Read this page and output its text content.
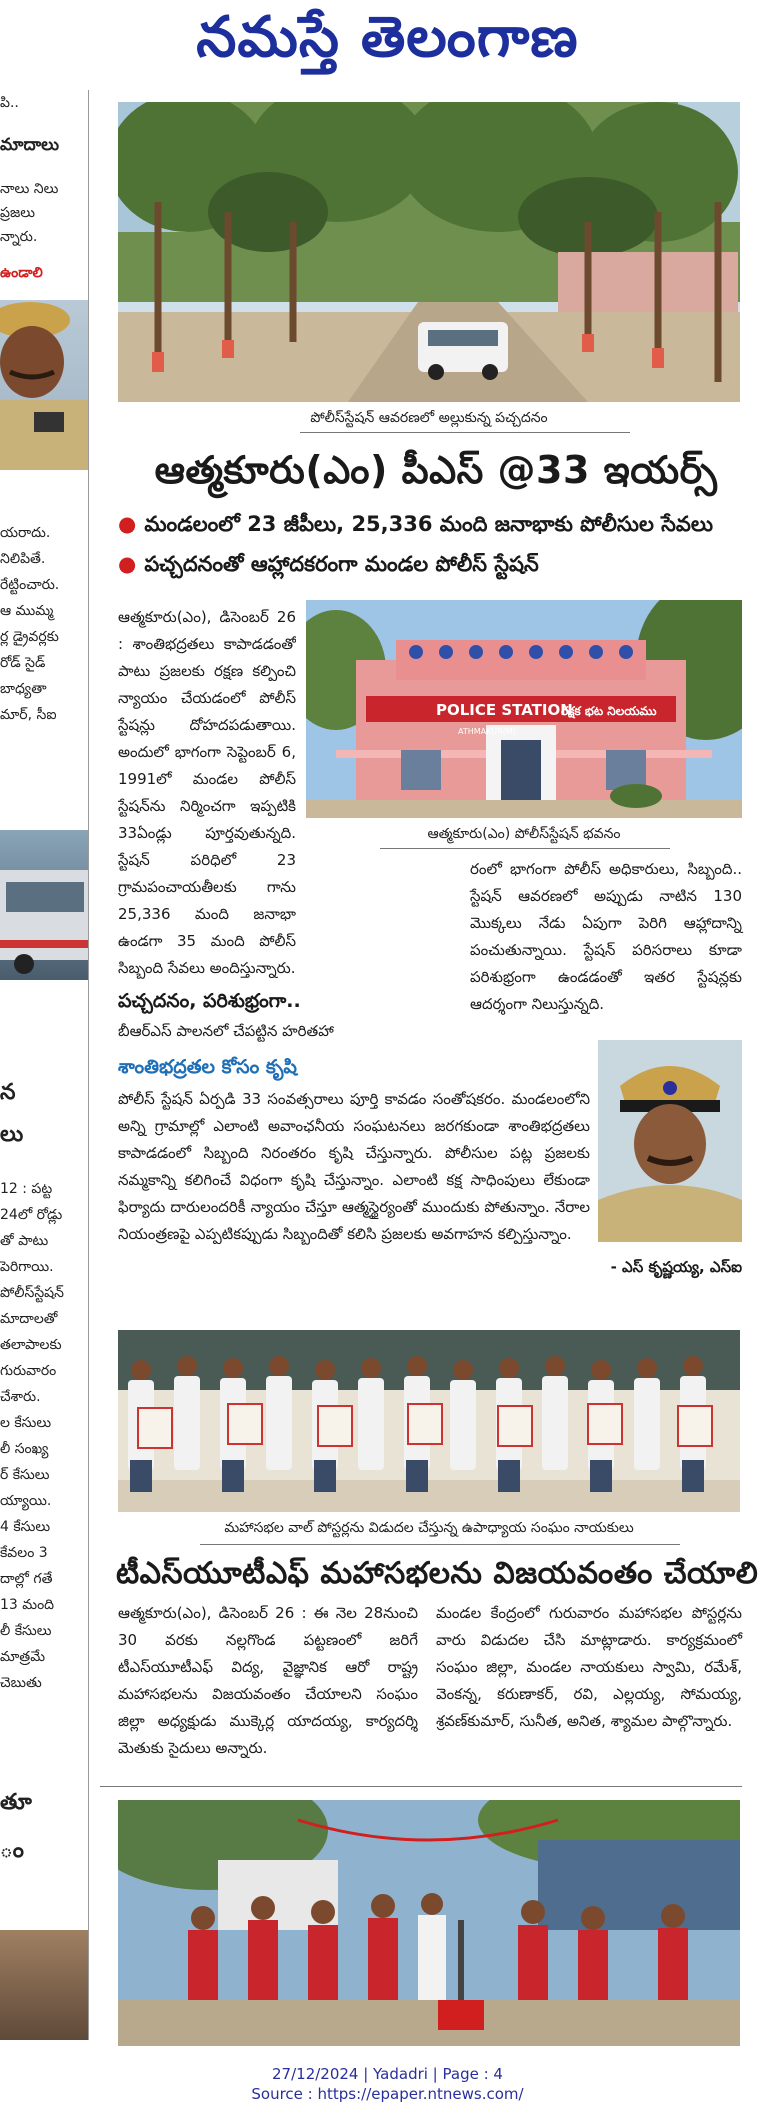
నమస్తే తెలంగాణ
పి..
మాదాలు
నాలు నిలు
ప్రజలు
న్నారు.
ఉండాలి
యరాదు.
నిలిపితే.
రేట్టించారు.
ఆ ముమ్మ
ర్ల డ్రైవర్లకు
రోడ్ సైడ్
బాధ్యతా
మార్, సీఐ
న
లు
12 : పట్ట
24లో రోడ్లు
తో పాటు
పెరిగాయి.
పోలీస్‌స్టేషన్
మాదాలతో
తలాపాలకు
గురువారం
చేశారు.
ల కేసులు
లీ సంఖ్య
ర్ కేసులు
య్యాయి.
4 కేసులు
కేవలం 3
దాల్లో గతే
13 మంది
లీ కేసులు
మాత్రమే
చెబుతు
తూ
ం
పోలీస్‌స్టేషన్ ఆవరణలో అల్లుకున్న పచ్చదనం
ఆత్మకూరు(ఎం) పీఎస్ @33 ఇయర్స్
● మండలంలో 23 జీపీలు, 25,336 మంది జనాభాకు పోలీసుల సేవలు
● పచ్చదనంతో ఆహ్లాదకరంగా మండల పోలీస్ స్టేషన్
POLICE STATION
ATHMAKUR(M)
రక్షక భట నిలయము
ఆత్మకూరు(ఎం) పోలీస్‌స్టేషన్ భవనం
ఆత్మకూరు(ఎం), డిసెంబర్ 26 : శాంతిభద్రతలు కాపాడడంతో పాటు ప్రజలకు రక్షణ కల్పించి న్యాయం చేయడంలో పోలీస్ స్టేషన్లు దోహదపడుతాయి. అందులో భాగంగా సెప్టెంబర్ 6, 1991లో మండల పోలీస్ స్టేషన్‌ను నిర్మించగా ఇప్పటికి 33ఏండ్లు పూర్తవుతున్నది. స్టేషన్ పరిధిలో 23 గ్రామపంచాయతీలకు గాను 25,336 మంది జనాభా ఉండగా 35 మంది పోలీస్ సిబ్బంది సేవలు అందిస్తున్నారు.
పచ్చదనం, పరిశుభ్రంగా..
బీఆర్ఎస్ పాలనలో చేపట్టిన హరితహా
రంలో భాగంగా పోలీస్ అధికారులు, సిబ్బంది.. స్టేషన్ ఆవరణలో అప్పుడు నాటిన 130 మొక్కలు నేడు ఏపుగా పెరిగి ఆహ్లాదాన్ని పంచుతున్నాయి. స్టేషన్ పరిసరాలు కూడా పరిశుభ్రంగా ఉండడంతో ఇతర స్టేషన్లకు ఆదర్శంగా నిలుస్తున్నది.
శాంతిభద్రతల కోసం కృషి
పోలీస్ స్టేషన్ ఏర్పడి 33 సంవత్సరాలు పూర్తి కావడం సంతోషకరం. మండలంలోని అన్ని గ్రామాల్లో ఎలాంటి అవాంఛనీయ సంఘటనలు జరగకుండా శాంతిభద్రతలు కాపాడడంలో సిబ్బంది నిరంతరం కృషి చేస్తున్నారు. పోలీసుల పట్ల ప్రజలకు నమ్మకాన్ని కలిగించే విధంగా కృషి చేస్తున్నాం. ఎలాంటి కక్ష సాధింపులు లేకుండా ఫిర్యాదు దారులందరికీ న్యాయం చేస్తూ ఆత్మస్థైర్యంతో ముందుకు పోతున్నాం. నేరాల నియంత్రణపై ఎప్పటికప్పుడు సిబ్బందితో కలిసి ప్రజలకు అవగాహన కల్పిస్తున్నాం.
- ఎస్ కృష్ణయ్య, ఎస్ఐ
మహాసభల వాల్ పోస్టర్లను విడుదల చేస్తున్న ఉపాధ్యాయ సంఘం నాయకులు
టీఎస్‌యూటీఎఫ్ మహాసభలను విజయవంతం చేయాలి
ఆత్మకూరు(ఎం), డిసెంబర్ 26 : ఈ నెల 28నుంచి 30 వరకు నల్లగొండ పట్టణంలో జరిగే టీఎస్‌యూటీఎఫ్ విద్య, వైజ్ఞానిక ఆరో రాష్ట్ర మహాసభలను విజయవంతం చేయాలని సంఘం జిల్లా అధ్యక్షుడు ముక్కెర్ల యాదయ్య, కార్యదర్శి మెతుకు సైదులు అన్నారు.
మండల కేంద్రంలో గురువారం మహాసభల పోస్టర్లను వారు విడుదల చేసి మాట్లాడారు. కార్యక్రమంలో సంఘం జిల్లా, మండల నాయకులు స్వామి, రమేశ్, వెంకన్న, కరుణాకర్, రవి, ఎల్లయ్య, సోమయ్య, శ్రవణ్‌కుమార్, సునీత, అనిత, శ్యామల పాల్గొన్నారు.
27/12/2024 | Yadadri | Page : 4
Source : https://epaper.ntnews.com/
